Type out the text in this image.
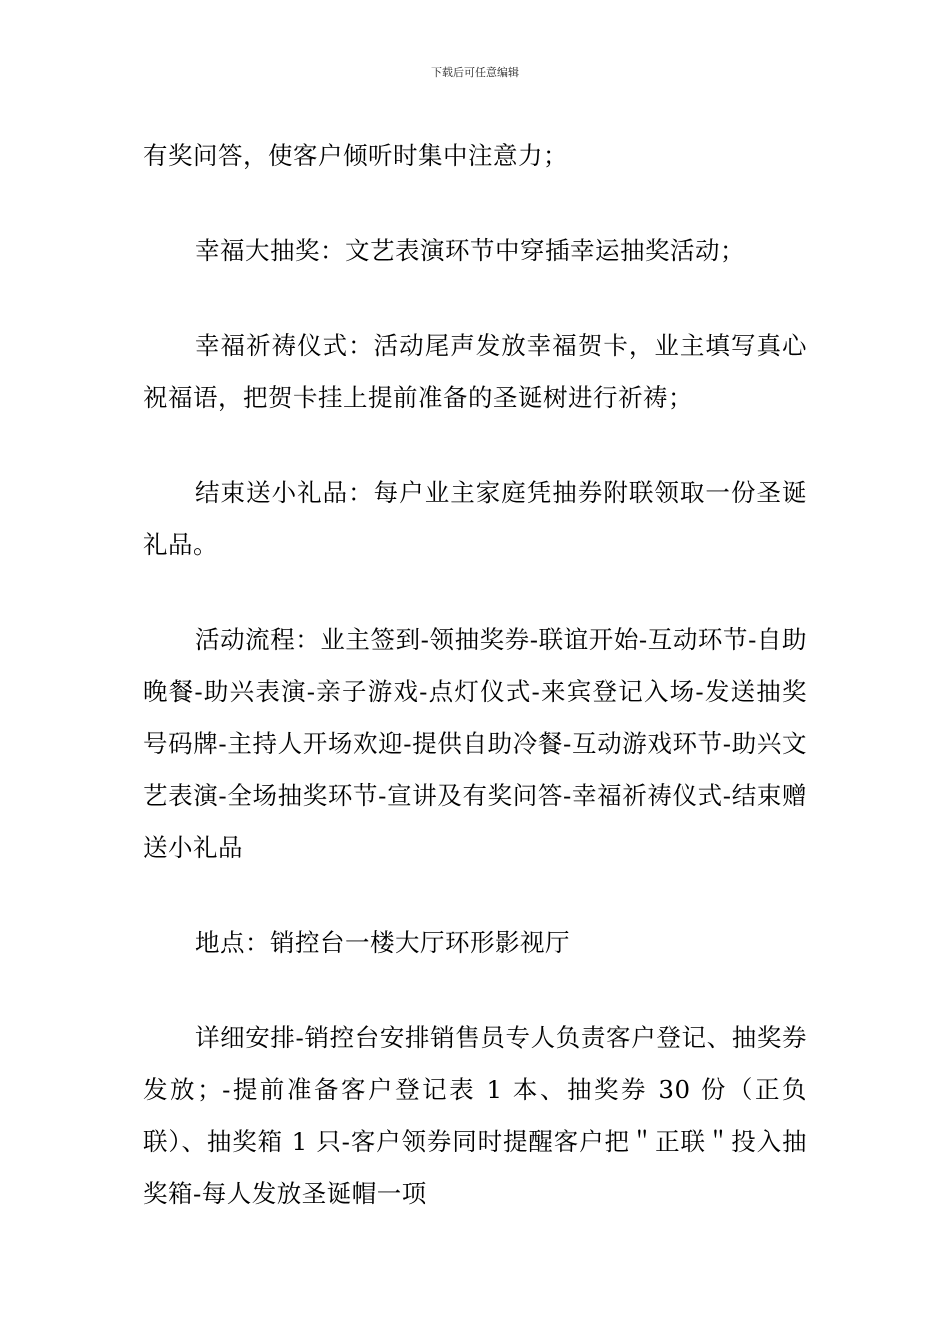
下载后可任意编辑

有奖问答，使客户倾听时集中注意力；

幸福大抽奖：文艺表演环节中穿插幸运抽奖活动；

幸福祈祷仪式：活动尾声发放幸福贺卡，业主填写真心祝福语，把贺卡挂上提前准备的圣诞树进行祈祷；

结束送小礼品：每户业主家庭凭抽券附联领取一份圣诞礼品。

活动流程：业主签到-领抽奖券-联谊开始-互动环节-自助晚餐-助兴表演-亲子游戏-点灯仪式-来宾登记入场-发送抽奖号码牌-主持人开场欢迎-提供自助冷餐-互动游戏环节-助兴文艺表演-全场抽奖环节-宣讲及有奖问答-幸福祈祷仪式-结束赠送小礼品

地点：销控台一楼大厅环形影视厅

详细安排-销控台安排销售员专人负责客户登记、抽奖券发放；-提前准备客户登记表 1 本、抽奖券 30 份（正负联）、抽奖箱 1 只-客户领券同时提醒客户把＂正联＂投入抽奖箱-每人发放圣诞帽一项
